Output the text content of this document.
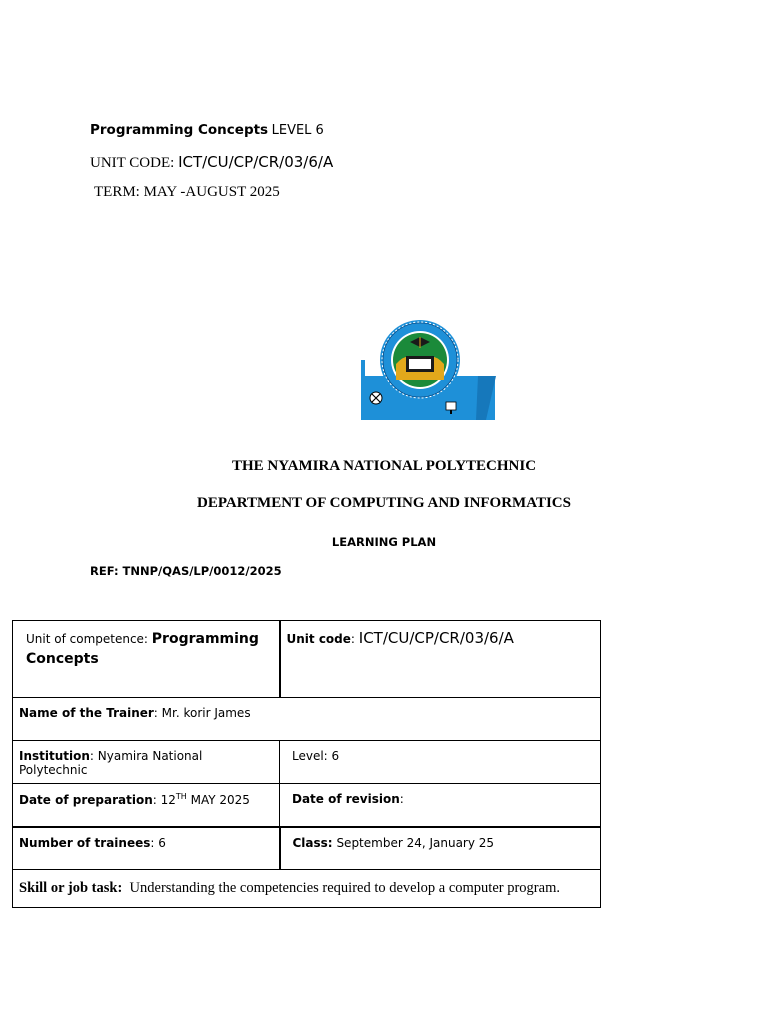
Programming Concepts LEVEL 6
UNIT CODE: ICT/CU/CP/CR/03/6/A
TERM: MAY -AUGUST 2025
THE NYAMIRA NATIONAL POLYTECHNIC
DEPARTMENT OF COMPUTING AND INFORMATICS
LEARNING PLAN
REF: TNNP/QAS/LP/0012/2025
Unit of competence: Programming Concepts	Unit code: ICT/CU/CP/CR/03/6/A

Name of the Trainer: Mr. korir James	

Institution: Nyamira National Polytechnic	Level: 6

Date of preparation: 12TH MAY 2025	Date of revision:

Number of trainees: 6	Class: September 24, January 25

Skill or job task: Understanding the competencies required to develop a computer program.	
